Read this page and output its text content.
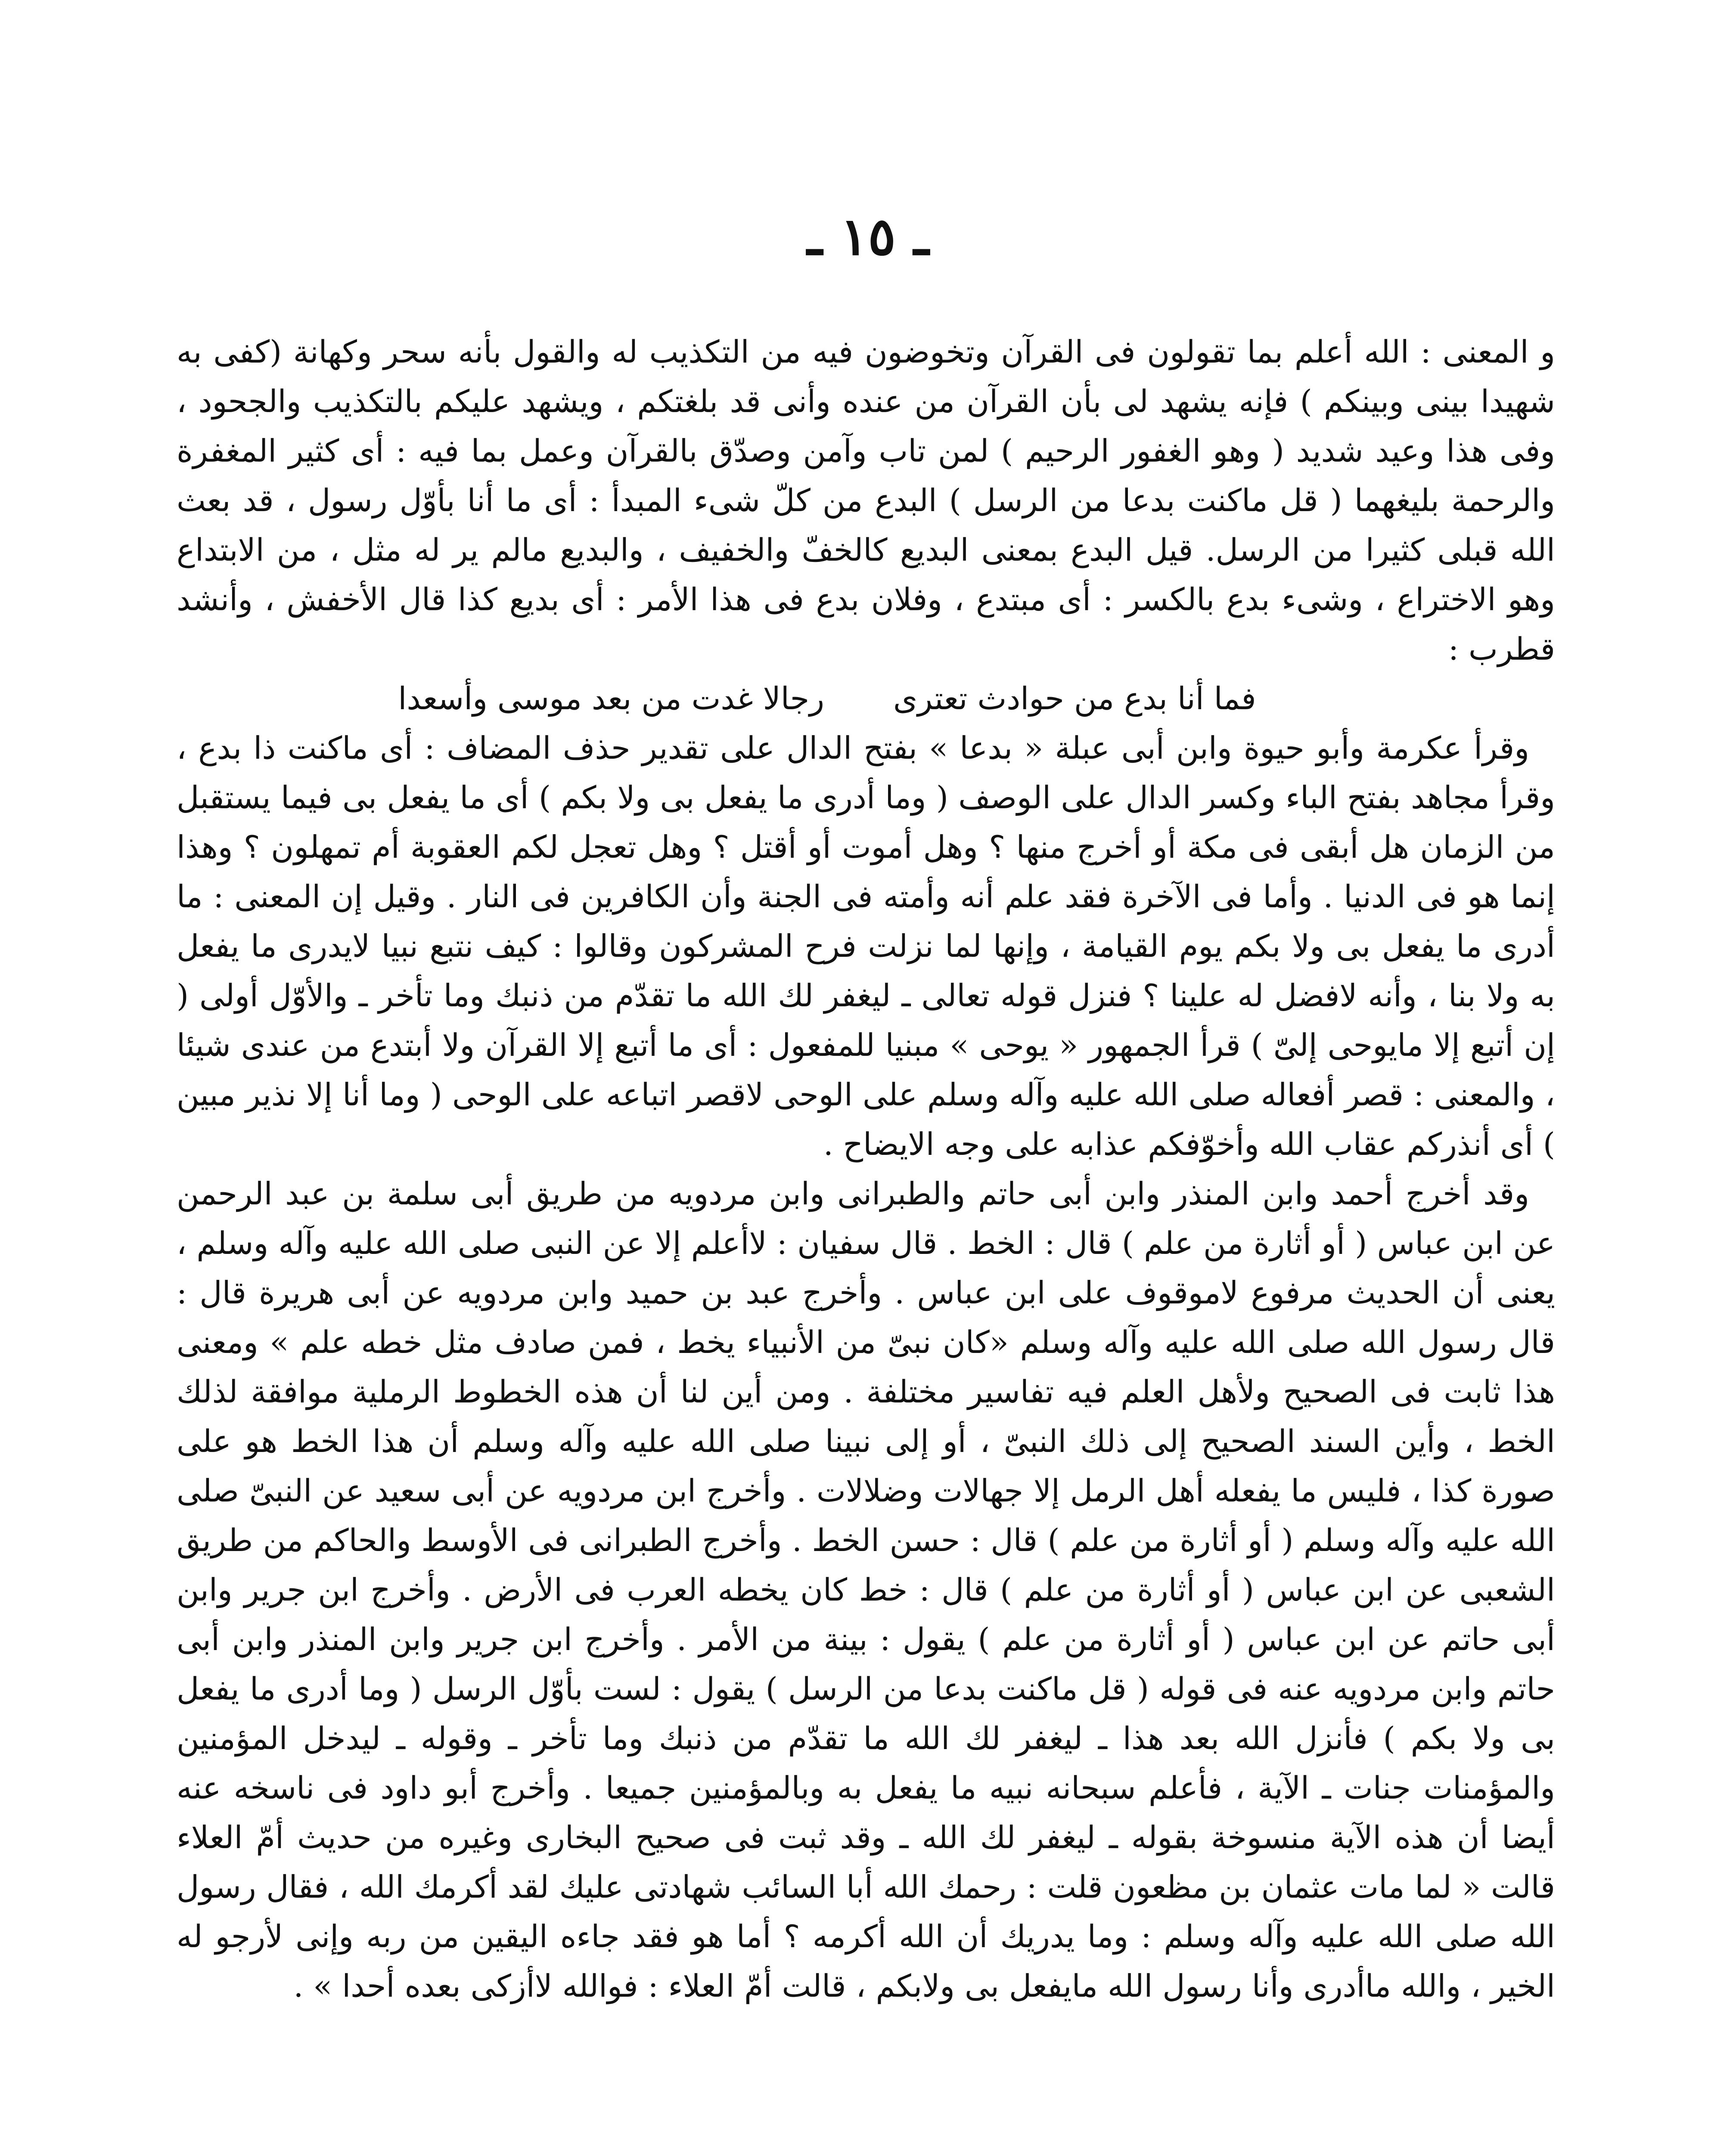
ـ ١٥ ـ

و المعنى : الله أعلم بما تقولون فى القرآن وتخوضون فيه من التكذيب له والقول بأنه سحر وكهانة (كفى به شهيدا بينى وبينكم ) فإنه يشهد لى بأن القرآن من عنده وأنى قد بلغتكم ، ويشهد عليكم بالتكذيب والجحود ، وفى هذا وعيد شديد ( وهو الغفور الرحيم ) لمن تاب وآمن وصدّق بالقرآن وعمل بما فيه : أى كثير المغفرة والرحمة بليغهما ( قل ماكنت بدعا من الرسل ) البدع من كلّ شىء المبدأ : أى ما أنا بأوّل رسول ، قد بعث الله قبلى كثيرا من الرسل. قيل البدع بمعنى البديع كالخفّ والخفيف ، والبديع مالم ير له مثل ، من الابتداع وهو الاختراع ، وشىء بدع بالكسر : أى مبتدع ، وفلان بدع فى هذا الأمر : أى بديع كذا قال الأخفش ، وأنشد قطرب :

فما أنا بدع من حوادث تعترى
رجالا غدت من بعد موسى وأسعدا

وقرأ عكرمة وأبو حيوة وابن أبى عبلة « بدعا » بفتح الدال على تقدير حذف المضاف : أى ماكنت ذا بدع ، وقرأ مجاهد بفتح الباء وكسر الدال على الوصف ( وما أدرى ما يفعل بى ولا بكم ) أى ما يفعل بى فيما يستقبل من الزمان هل أبقى فى مكة أو أخرج منها ؟ وهل أموت أو أقتل ؟ وهل تعجل لكم العقوبة أم تمهلون ؟ وهذا إنما هو فى الدنيا . وأما فى الآخرة فقد علم أنه وأمته فى الجنة وأن الكافرين فى النار . وقيل إن المعنى : ما أدرى ما يفعل بى ولا بكم يوم القيامة ، وإنها لما نزلت فرح المشركون وقالوا : كيف نتبع نبيا لايدرى ما يفعل به ولا بنا ، وأنه لافضل له علينا ؟ فنزل قوله تعالى ـ ليغفر لك الله ما تقدّم من ذنبك وما تأخر ـ والأوّل أولى ( إن أتبع إلا مايوحى إلىّ ) قرأ الجمهور « يوحى » مبنيا للمفعول : أى ما أتبع إلا القرآن ولا أبتدع من عندى شيئا ، والمعنى : قصر أفعاله صلى الله عليه وآله وسلم على الوحى لاقصر اتباعه على الوحى ( وما أنا إلا نذير مبين ) أى أنذركم عقاب الله وأخوّفكم عذابه على وجه الايضاح .

وقد أخرج أحمد وابن المنذر وابن أبى حاتم والطبرانى وابن مردويه من طريق أبى سلمة بن عبد الرحمن عن ابن عباس ( أو أثارة من علم ) قال : الخط . قال سفيان : لاأعلم إلا عن النبى صلى الله عليه وآله وسلم ، يعنى أن الحديث مرفوع لاموقوف على ابن عباس . وأخرج عبد بن حميد وابن مردويه عن أبى هريرة قال : قال رسول الله صلى الله عليه وآله وسلم «كان نبىّ من الأنبياء يخط ، فمن صادف مثل خطه علم » ومعنى هذا ثابت فى الصحيح ولأهل العلم فيه تفاسير مختلفة . ومن أين لنا أن هذه الخطوط الرملية موافقة لذلك الخط ، وأين السند الصحيح إلى ذلك النبىّ ، أو إلى نبينا صلى الله عليه وآله وسلم أن هذا الخط هو على صورة كذا ، فليس ما يفعله أهل الرمل إلا جهالات وضلالات . وأخرج ابن مردويه عن أبى سعيد عن النبىّ صلى الله عليه وآله وسلم ( أو أثارة من علم ) قال : حسن الخط . وأخرج الطبرانى فى الأوسط والحاكم من طريق الشعبى عن ابن عباس ( أو أثارة من علم ) قال : خط كان يخطه العرب فى الأرض . وأخرج ابن جرير وابن أبى حاتم عن ابن عباس ( أو أثارة من علم ) يقول : بينة من الأمر . وأخرج ابن جرير وابن المنذر وابن أبى حاتم وابن مردويه عنه فى قوله ( قل ماكنت بدعا من الرسل ) يقول : لست بأوّل الرسل ( وما أدرى ما يفعل بى ولا بكم ) فأنزل الله بعد هذا ـ ليغفر لك الله ما تقدّم من ذنبك وما تأخر ـ وقوله ـ ليدخل المؤمنين والمؤمنات جنات ـ الآية ، فأعلم سبحانه نبيه ما يفعل به وبالمؤمنين جميعا . وأخرج أبو داود فى ناسخه عنه أيضا أن هذه الآية منسوخة بقوله ـ ليغفر لك الله ـ وقد ثبت فى صحيح البخارى وغيره من حديث أمّ العلاء قالت « لما مات عثمان بن مظعون قلت : رحمك الله أبا السائب شهادتى عليك لقد أكرمك الله ، فقال رسول الله صلى الله عليه وآله وسلم : وما يدريك أن الله أكرمه ؟ أما هو فقد جاءه اليقين من ربه وإنى لأرجو له الخير ، والله ماأدرى وأنا رسول الله مايفعل بى ولابكم ، قالت أمّ العلاء : فوالله لاأزكى بعده أحدا » .
